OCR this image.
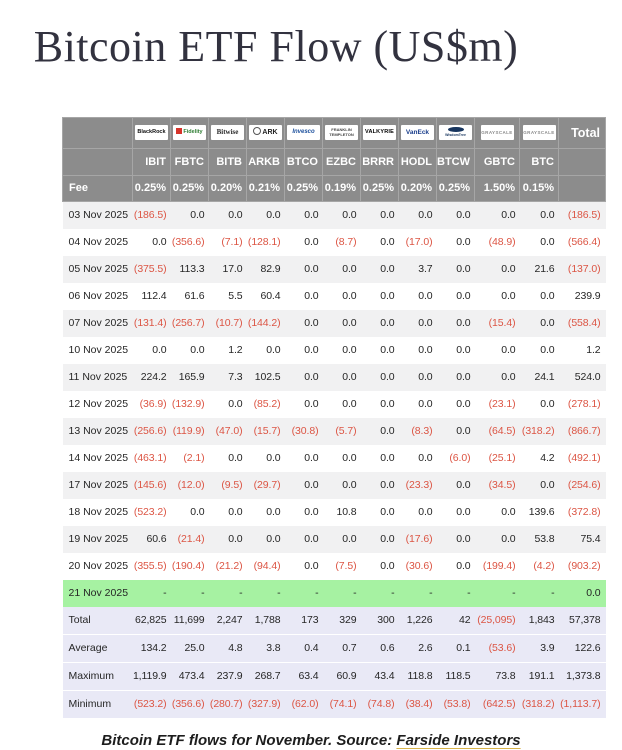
Bitcoin ETF Flow (US$m)
	BlackRock	Fidelity	Bitwise	ARK	Invesco	FRANKLIN TEMPLETON	VALKYRIE	VanEck	WisdomTree	GRAYSCALE	GRAYSCALE	Total
	IBIT	FBTC	BITB	ARKB	BTCO	EZBC	BRRR	HODL	BTCW	GBTC	BTC	
Fee	0.25%	0.25%	0.20%	0.21%	0.25%	0.19%	0.25%	0.20%	0.25%	1.50%	0.15%	
03 Nov 2025	(186.5)	0.0	0.0	0.0	0.0	0.0	0.0	0.0	0.0	0.0	0.0	(186.5)
04 Nov 2025	0.0	(356.6)	(7.1)	(128.1)	0.0	(8.7)	0.0	(17.0)	0.0	(48.9)	0.0	(566.4)
05 Nov 2025	(375.5)	113.3	17.0	82.9	0.0	0.0	0.0	3.7	0.0	0.0	21.6	(137.0)
06 Nov 2025	112.4	61.6	5.5	60.4	0.0	0.0	0.0	0.0	0.0	0.0	0.0	239.9
07 Nov 2025	(131.4)	(256.7)	(10.7)	(144.2)	0.0	0.0	0.0	0.0	0.0	(15.4)	0.0	(558.4)
10 Nov 2025	0.0	0.0	1.2	0.0	0.0	0.0	0.0	0.0	0.0	0.0	0.0	1.2
11 Nov 2025	224.2	165.9	7.3	102.5	0.0	0.0	0.0	0.0	0.0	0.0	24.1	524.0
12 Nov 2025	(36.9)	(132.9)	0.0	(85.2)	0.0	0.0	0.0	0.0	0.0	(23.1)	0.0	(278.1)
13 Nov 2025	(256.6)	(119.9)	(47.0)	(15.7)	(30.8)	(5.7)	0.0	(8.3)	0.0	(64.5)	(318.2)	(866.7)
14 Nov 2025	(463.1)	(2.1)	0.0	0.0	0.0	0.0	0.0	0.0	(6.0)	(25.1)	4.2	(492.1)
17 Nov 2025	(145.6)	(12.0)	(9.5)	(29.7)	0.0	0.0	0.0	(23.3)	0.0	(34.5)	0.0	(254.6)
18 Nov 2025	(523.2)	0.0	0.0	0.0	0.0	10.8	0.0	0.0	0.0	0.0	139.6	(372.8)
19 Nov 2025	60.6	(21.4)	0.0	0.0	0.0	0.0	0.0	(17.6)	0.0	0.0	53.8	75.4
20 Nov 2025	(355.5)	(190.4)	(21.2)	(94.4)	0.0	(7.5)	0.0	(30.6)	0.0	(199.4)	(4.2)	(903.2)
21 Nov 2025	-	-	-	-	-	-	-	-	-	-	-	0.0
Total	62,825	11,699	2,247	1,788	173	329	300	1,226	42	(25,095)	1,843	57,378
Average	134.2	25.0	4.8	3.8	0.4	0.7	0.6	2.6	0.1	(53.6)	3.9	122.6
Maximum	1,119.9	473.4	237.9	268.7	63.4	60.9	43.4	118.8	118.5	73.8	191.1	1,373.8
Minimum	(523.2)	(356.6)	(280.7)	(327.9)	(62.0)	(74.1)	(74.8)	(38.4)	(53.8)	(642.5)	(318.2)	(1,113.7)

Bitcoin ETF flows for November. Source: Farside Investors
